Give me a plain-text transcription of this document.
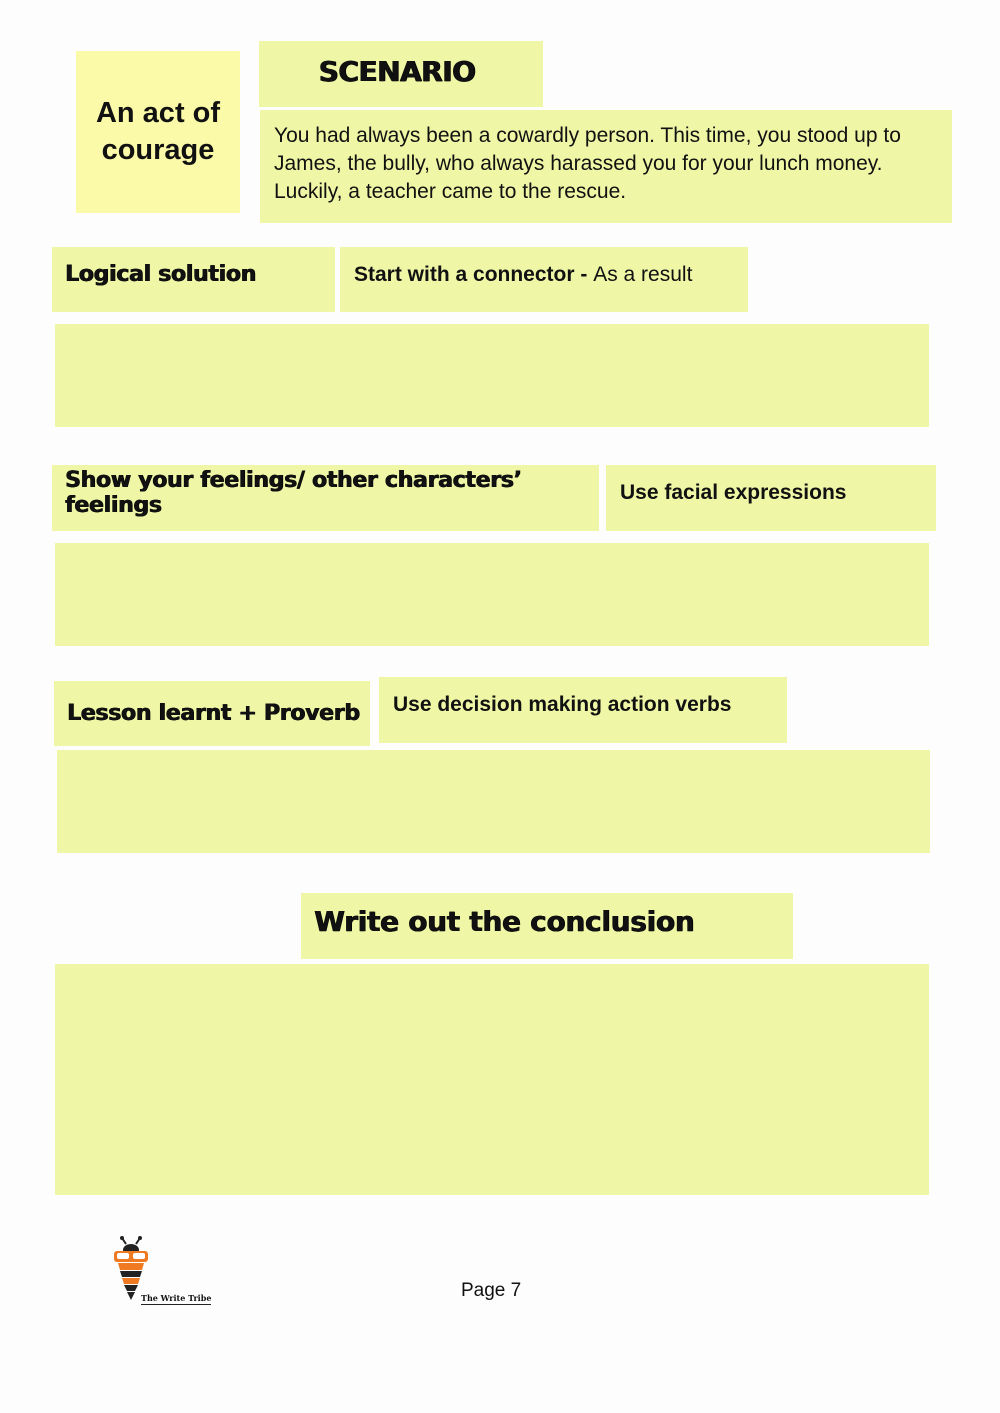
An act of courage
SCENARIO
You had always been a cowardly person. This time, you stood up to James, the bully, who always harassed you for your lunch money. Luckily, a teacher came to the rescue.
Logical solution	Start with a connector - As a result
Show your feelings/ other characters’ feelings
Use facial expressions
Lesson learnt + Proverb Use decision making action verbs
Write out the conclusion
The Write Tribe	Page 7
